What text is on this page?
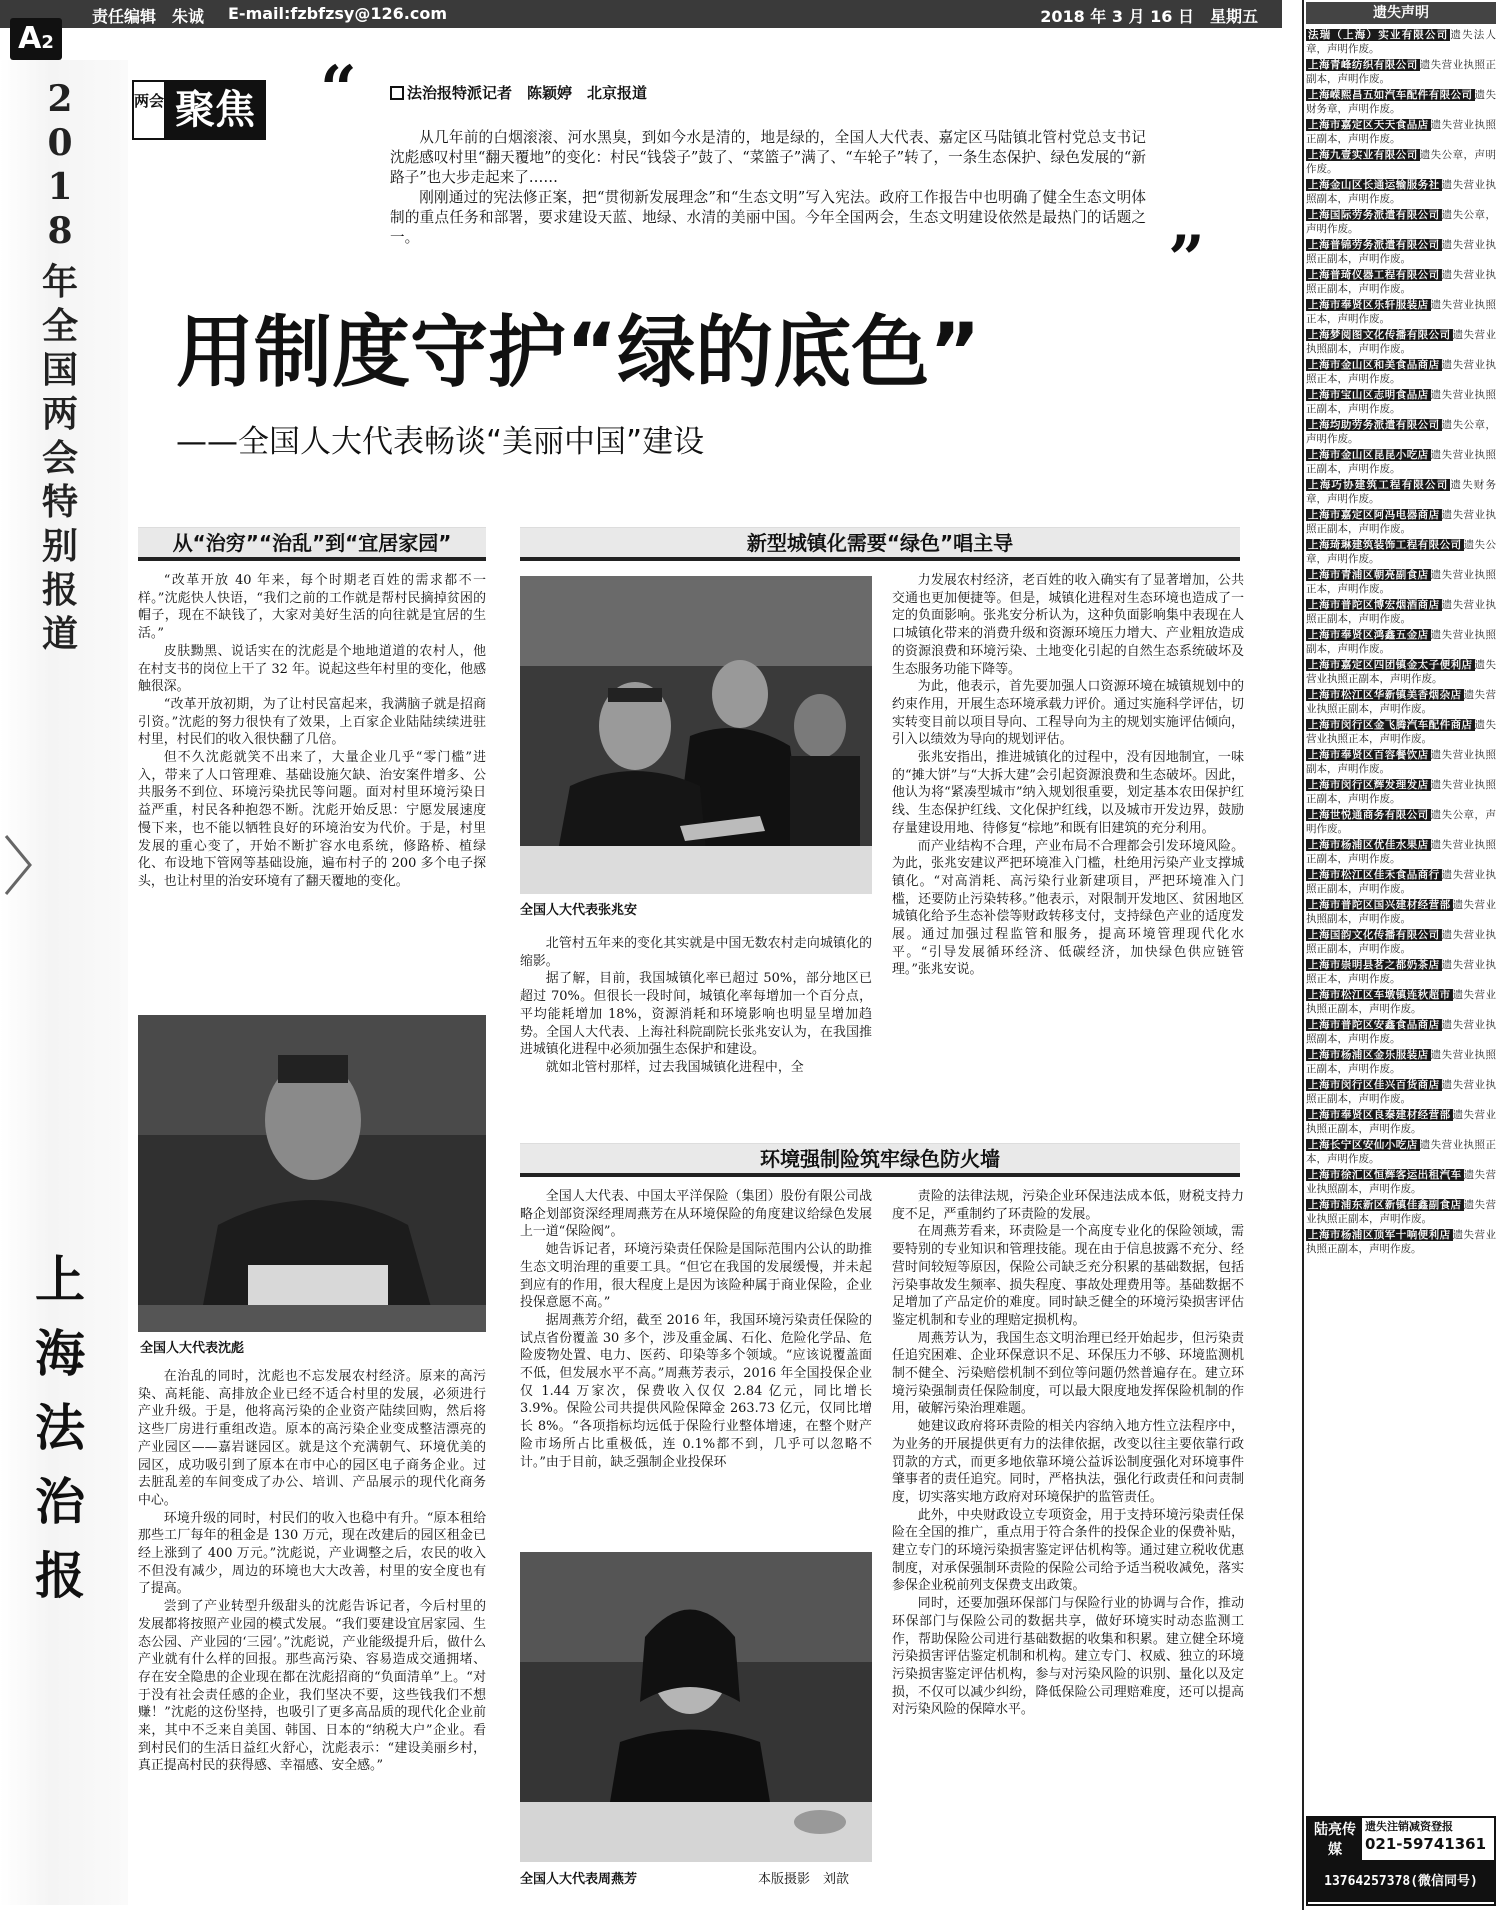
责任编辑　朱诚 E-mail:fzbfzsy@126.com	2018 年 3 月 16 日　星期五
A2
2
0
1
8
年
全
国
两
会
特
别
报
道
上
海
法
治
报
两会 聚焦 “
”
法治报特派记者　陈颖婷　北京报道

从几年前的白烟滚滚、河水黑臭，到如今水是清的，地是绿的，全国人大代表、嘉定区马陆镇北管村党总支书记沈彪感叹村里“翻天覆地”的变化：村民“钱袋子”鼓了、“菜篮子”满了、“车轮子”转了，一条生态保护、绿色发展的“新路子”也大步走起来了……

刚刚通过的宪法修正案，把“贯彻新发展理念”和“生态文明”写入宪法。政府工作报告中也明确了健全生态文明体制的重点任务和部署，要求建设天蓝、地绿、水清的美丽中国。今年全国两会，生态文明建设依然是最热门的话题之一。

用制度守护“绿的底色”
——全国人大代表畅谈“美丽中国”建设
从“治穷”“治乱”到“宜居家园”

“改革开放 40 年来，每个时期老百姓的需求都不一样。”沈彪快人快语，“我们之前的工作就是帮村民摘掉贫困的帽子，现在不缺钱了，大家对美好生活的向往就是宜居的生活。”

皮肤黝黑、说话实在的沈彪是个地地道道的农村人，他在村支书的岗位上干了 32 年。说起这些年村里的变化，他感触很深。

“改革开放初期，为了让村民富起来，我满脑子就是招商引资。”沈彪的努力很快有了效果，上百家企业陆陆续续进驻村里，村民们的收入很快翻了几倍。

但不久沈彪就笑不出来了，大量企业几乎“零门槛”进入，带来了人口管理难、基础设施欠缺、治安案件增多、公共服务不到位、环境污染扰民等问题。面对村里环境污染日益严重，村民各种抱怨不断。沈彪开始反思：宁愿发展速度慢下来，也不能以牺牲良好的环境治安为代价。于是，村里发展的重心变了，开始不断扩容水电系统，修路桥、植绿化、布设地下管网等基础设施，遍布村子的 200 多个电子探头，也让村里的治安环境有了翻天覆地的变化。

全国人大代表沈彪

在治乱的同时，沈彪也不忘发展农村经济。原来的高污染、高耗能、高排放企业已经不适合村里的发展，必须进行产业升级。于是，他将高污染的企业资产陆续回购，然后将这些厂房进行重组改造。原本的高污染企业变成整洁漂亮的产业园区——嘉岩谜园区。就是这个充满朝气、环境优美的园区，成功吸引到了原本在市中心的园区电子商务企业。过去脏乱差的车间变成了办公、培训、产品展示的现代化商务中心。

环境升级的同时，村民们的收入也稳中有升。“原本租给那些工厂每年的租金是 130 万元，现在改建后的园区租金已经上涨到了 400 万元。”沈彪说，产业调整之后，农民的收入不但没有减少，周边的环境也大大改善，村里的安全度也有了提高。

尝到了产业转型升级甜头的沈彪告诉记者，今后村里的发展都将按照产业园的模式发展。“我们要建设宜居家园、生态公园、产业园的‘三园’。”沈彪说，产业能级提升后，做什么产业就有什么样的回报。那些高污染、容易造成交通拥堵、存在安全隐患的企业现在都在沈彪招商的“负面清单”上。“对于没有社会责任感的企业，我们坚决不要，这些钱我们不想赚！”沈彪的这份坚持，也吸引了更多高品质的现代化企业前来，其中不乏来自美国、韩国、日本的“纳税大户”企业。看到村民们的生活日益红火舒心，沈彪表示：“建设美丽乡村，真正提高村民的获得感、幸福感、安全感。”

新型城镇化需要“绿色”唱主导
全国人大代表张兆安

北管村五年来的变化其实就是中国无数农村走向城镇化的缩影。

据了解，目前，我国城镇化率已超过 50%，部分地区已超过 70%。但很长一段时间，城镇化率每增加一个百分点，平均能耗增加 18%，资源消耗和环境影响也明显呈增加趋势。全国人大代表、上海社科院副院长张兆安认为，在我国推进城镇化进程中必须加强生态保护和建设。

就如北管村那样，过去我国城镇化进程中，全

力发展农村经济，老百姓的收入确实有了显著增加，公共交通也更加便捷等。但是，城镇化进程对生态环境也造成了一定的负面影响。张兆安分析认为，这种负面影响集中表现在人口城镇化带来的消费升级和资源环境压力增大、产业粗放造成的资源浪费和环境污染、土地变化引起的自然生态系统破坏及生态服务功能下降等。

为此，他表示，首先要加强人口资源环境在城镇规划中的约束作用，开展生态环境承载力评价。通过实施科学评估，切实转变目前以项目导向、工程导向为主的规划实施评估倾向，引入以绩效为导向的规划评估。

张兆安指出，推进城镇化的过程中，没有因地制宜，一味的“摊大饼”与“大拆大建”会引起资源浪费和生态破坏。因此，他认为将“紧凑型城市”纳入规划很重要，划定基本农田保护红线、生态保护红线、文化保护红线，以及城市开发边界，鼓励存量建设用地、待修复“棕地”和既有旧建筑的充分利用。

而产业结构不合理，产业布局不合理都会引发环境风险。为此，张兆安建议严把环境准入门槛，杜绝用污染产业支撑城镇化。“对高消耗、高污染行业新建项目，严把环境准入门槛，还要防止污染转移。”他表示，对限制开发地区、贫困地区城镇化给予生态补偿等财政转移支付，支持绿色产业的适度发展。通过加强过程监管和服务，提高环境管理现代化水平。“引导发展循环经济、低碳经济，加快绿色供应链管理。”张兆安说。

环境强制险筑牢绿色防火墙

全国人大代表、中国太平洋保险（集团）股份有限公司战略企划部资深经理周燕芳在从环境保险的角度建议给绿色发展上一道“保险阀”。

她告诉记者，环境污染责任保险是国际范围内公认的助推生态文明治理的重要工具。“但它在我国的发展缓慢，并未起到应有的作用，很大程度上是因为该险种属于商业保险，企业投保意愿不高。”

据周燕芳介绍，截至 2016 年，我国环境污染责任保险的试点省份覆盖 30 多个，涉及重金属、石化、危险化学品、危险废物处置、电力、医药、印染等多个领域。“应该说覆盖面不低，但发展水平不高。”周燕芳表示，2016 年全国投保企业仅 1.44 万家次，保费收入仅仅 2.84 亿元，同比增长 3.9%。保险公司共提供风险保障金 263.73 亿元，仅同比增长 8%。“各项指标均远低于保险行业整体增速，在整个财产险市场所占比重极低，连 0.1%都不到，几乎可以忽略不计。”由于目前，缺乏强制企业投保环

全国人大代表周燕芳	本版摄影　刘歆

责险的法律法规，污染企业环保违法成本低，财税支持力度不足，严重制约了环责险的发展。

在周燕芳看来，环责险是一个高度专业化的保险领域，需要特别的专业知识和管理技能。现在由于信息披露不充分、经营时间较短等原因，保险公司缺乏充分积累的基础数据，包括污染事故发生频率、损失程度、事故处理费用等。基础数据不足增加了产品定价的难度。同时缺乏健全的环境污染损害评估鉴定机制和专业的理赔定损机构。

周燕芳认为，我国生态文明治理已经开始起步，但污染责任追究困难、企业环保意识不足、环保压力不够、环境监测机制不健全、污染赔偿机制不到位等问题仍然普遍存在。建立环境污染强制责任保险制度，可以最大限度地发挥保险机制的作用，破解污染治理难题。

她建议政府将环责险的相关内容纳入地方性立法程序中，为业务的开展提供更有力的法律依据，改变以往主要依靠行政罚款的方式，而更多地依靠环境公益诉讼制度强化对环境事件肇事者的责任追究。同时，严格执法，强化行政责任和问责制度，切实落实地方政府对环境保护的监管责任。

此外，中央财政设立专项资金，用于支持环境污染责任保险在全国的推广，重点用于符合条件的投保企业的保费补贴，建立专门的环境污染损害鉴定评估机构等。通过建立税收优惠制度，对承保强制环责险的保险公司给予适当税收减免，落实参保企业税前列支保费支出政策。

同时，还要加强环保部门与保险行业的协调与合作，推动环保部门与保险公司的数据共享，做好环境实时动态监测工作，帮助保险公司进行基础数据的收集和积累。建立健全环境污染损害评估鉴定机制和机构。建立专门、权威、独立的环境污染损害鉴定评估机构，参与对污染风险的识别、量化以及定损，不仅可以减少纠纷，降低保险公司理赔难度，还可以提高对污染风险的保障水平。

遗失声明
法瑞（上海）实业有限公司 遗失法人章，声明作废。
上海青峰纺织有限公司 遗失营业执照正副本，声明作废。
上海嵘熙昌五如汽车配件有限公司 遗失财务章，声明作废。
上海市嘉定区天天食品店 遗失营业执照正副本，声明作废。
上海九壹实业有限公司 遗失公章，声明作废。
上海金山区长通运输服务社 遗失营业执照副本，声明作废。
上海国际劳务派遣有限公司 遗失公章，声明作废。
上海普锦劳务派遣有限公司 遗失营业执照正副本，声明作废。
上海普琦仪器工程有限公司 遗失营业执照正副本，声明作废。
上海市奉贤区乐轩服装店 遗失营业执照正本，声明作废。
上海梦阅图文化传播有限公司 遗失营业执照副本，声明作废。
上海市金山区和美食品商店 遗失营业执照正本，声明作废。
上海市宝山区志明食品店 遗失营业执照正副本，声明作废。
上海均助劳务派遣有限公司 遗失公章，声明作废。
上海市金山区昆昆小吃店 遗失营业执照正副本，声明作废。
上海巧协建筑工程有限公司 遗失财务章，声明作废。
上海市嘉定区阿冯电器商店 遗失营业执照正副本，声明作废。
上海琦琳建筑装饰工程有限公司 遗失公章，声明作废。
上海市青浦区朝亮副食店 遗失营业执照正本，声明作废。
上海市普陀区博宏烟酒商店 遗失营业执照正副本，声明作废。
上海市奉贤区鸿鑫五金店 遗失营业执照副本，声明作废。
上海市嘉定区四团镇金太子便利店 遗失营业执照正副本，声明作废。
上海市松江区华新镇美香烟杂店 遗失营业执照正副本，声明作废。
上海市闵行区金飞腾汽车配件商店 遗失营业执照正本，声明作废。
上海市奉贤区百容餐饮店 遗失营业执照副本，声明作废。
上海市闵行区辉发理发店 遗失营业执照正副本，声明作废。
上海世悦通商务有限公司 遗失公章，声明作废。
上海市杨浦区优佳水果店 遗失营业执照正副本，声明作废。
上海市松江区佳禾食品商行 遗失营业执照正副本，声明作废。
上海市普陀区国兴建材经营部 遗失营业执照副本，声明作废。
上海国韵文化传播有限公司 遗失营业执照正副本，声明作废。
上海市崇明县茗之都奶茶店 遗失营业执照正本，声明作废。
上海市松江区车墩镇连秋超市 遗失营业执照正副本，声明作废。
上海市普陀区安鑫食品商店 遗失营业执照副本，声明作废。
上海市杨浦区金乐服装店 遗失营业执照正副本，声明作废。
上海市闵行区佳兴百货商店 遗失营业执照正副本，声明作废。
上海市奉贤区良秦建材经营部 遗失营业执照正副本，声明作废。
上海长宁区安仙小吃店 遗失营业执照正本，声明作废。
上海市徐汇区恒辉客运出租汽车 遗失营业执照副本，声明作废。
上海市浦东新区新镇佳鑫副食店 遗失营业执照正副本，声明作废。
上海市杨浦区顶军十响便利店 遗失营业执照正副本，声明作废。
陆亮传媒
遗失注销减资登报
021-59741361
13764257378(微信同号)
